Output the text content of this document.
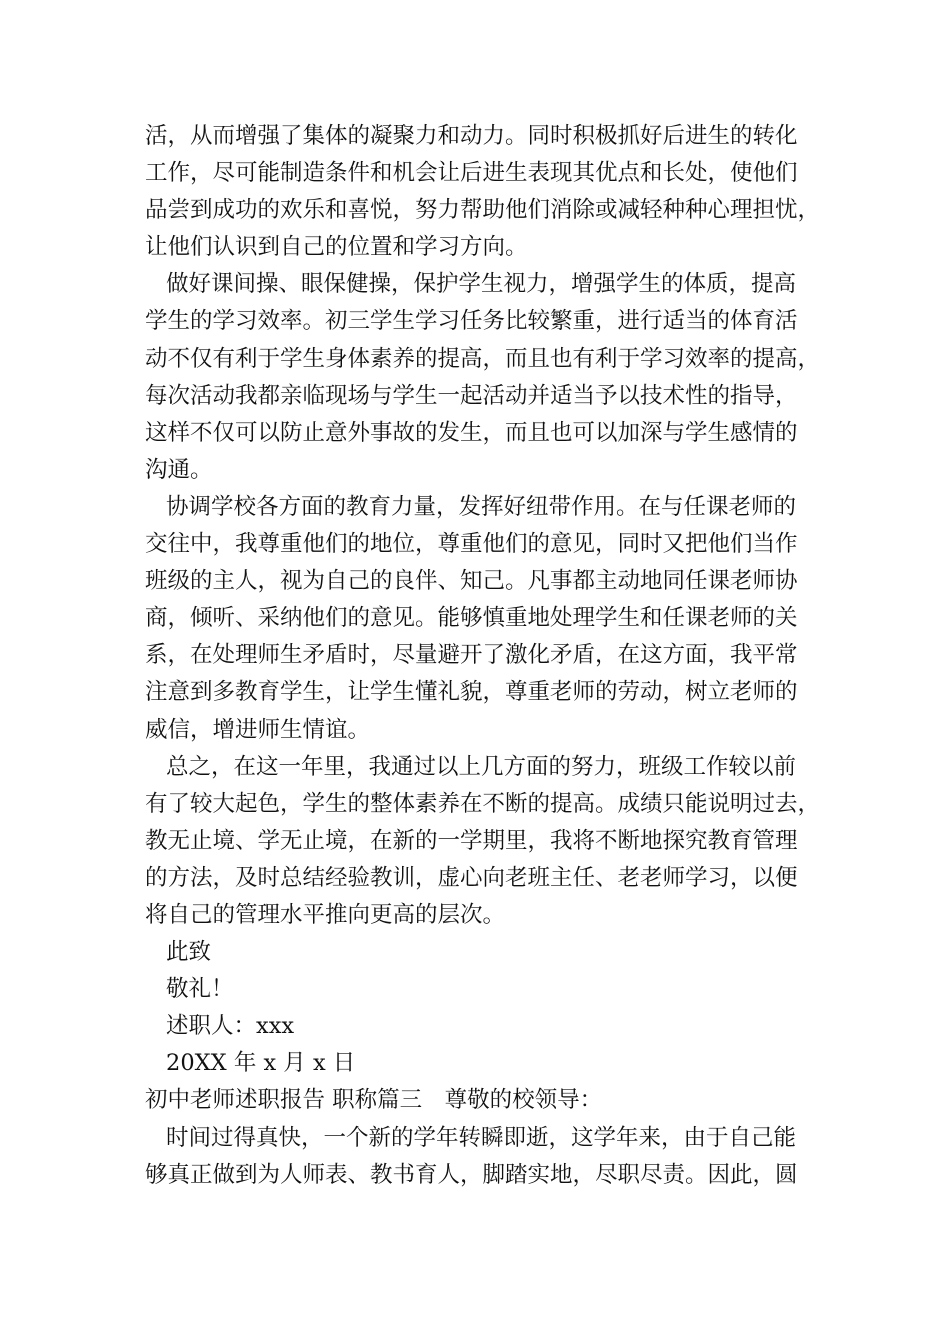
活，从而增强了集体的凝聚力和动力。同时积极抓好后进生的转化
工作，尽可能制造条件和机会让后进生表现其优点和长处，使他们
品尝到成功的欢乐和喜悦，努力帮助他们消除或减轻种种心理担忧，
让他们认识到自己的位置和学习方向。
做好课间操、眼保健操，保护学生视力，增强学生的体质，提高
学生的学习效率。初三学生学习任务比较繁重，进行适当的体育活
动不仅有利于学生身体素养的提高，而且也有利于学习效率的提高，
每次活动我都亲临现场与学生一起活动并适当予以技术性的指导，
这样不仅可以防止意外事故的发生，而且也可以加深与学生感情的
沟通。
协调学校各方面的教育力量，发挥好纽带作用。在与任课老师的
交往中，我尊重他们的地位，尊重他们的意见，同时又把他们当作
班级的主人，视为自己的良伴、知己。凡事都主动地同任课老师协
商，倾听、采纳他们的意见。能够慎重地处理学生和任课老师的关
系，在处理师生矛盾时，尽量避开了激化矛盾，在这方面，我平常
注意到多教育学生，让学生懂礼貌，尊重老师的劳动，树立老师的
威信，增进师生情谊。
总之，在这一年里，我通过以上几方面的努力，班级工作较以前
有了较大起色，学生的整体素养在不断的提高。成绩只能说明过去，
教无止境、学无止境，在新的一学期里，我将不断地探究教育管理
的方法，及时总结经验教训，虚心向老班主任、老老师学习，以便
将自己的管理水平推向更高的层次。
此致
敬礼！
述职人：xxx
20XX 年 x 月 x 日
初中老师述职报告 职称篇三　尊敬的校领导：
时间过得真快，一个新的学年转瞬即逝，这学年来，由于自己能
够真正做到为人师表、教书育人，脚踏实地，尽职尽责。因此，圆
